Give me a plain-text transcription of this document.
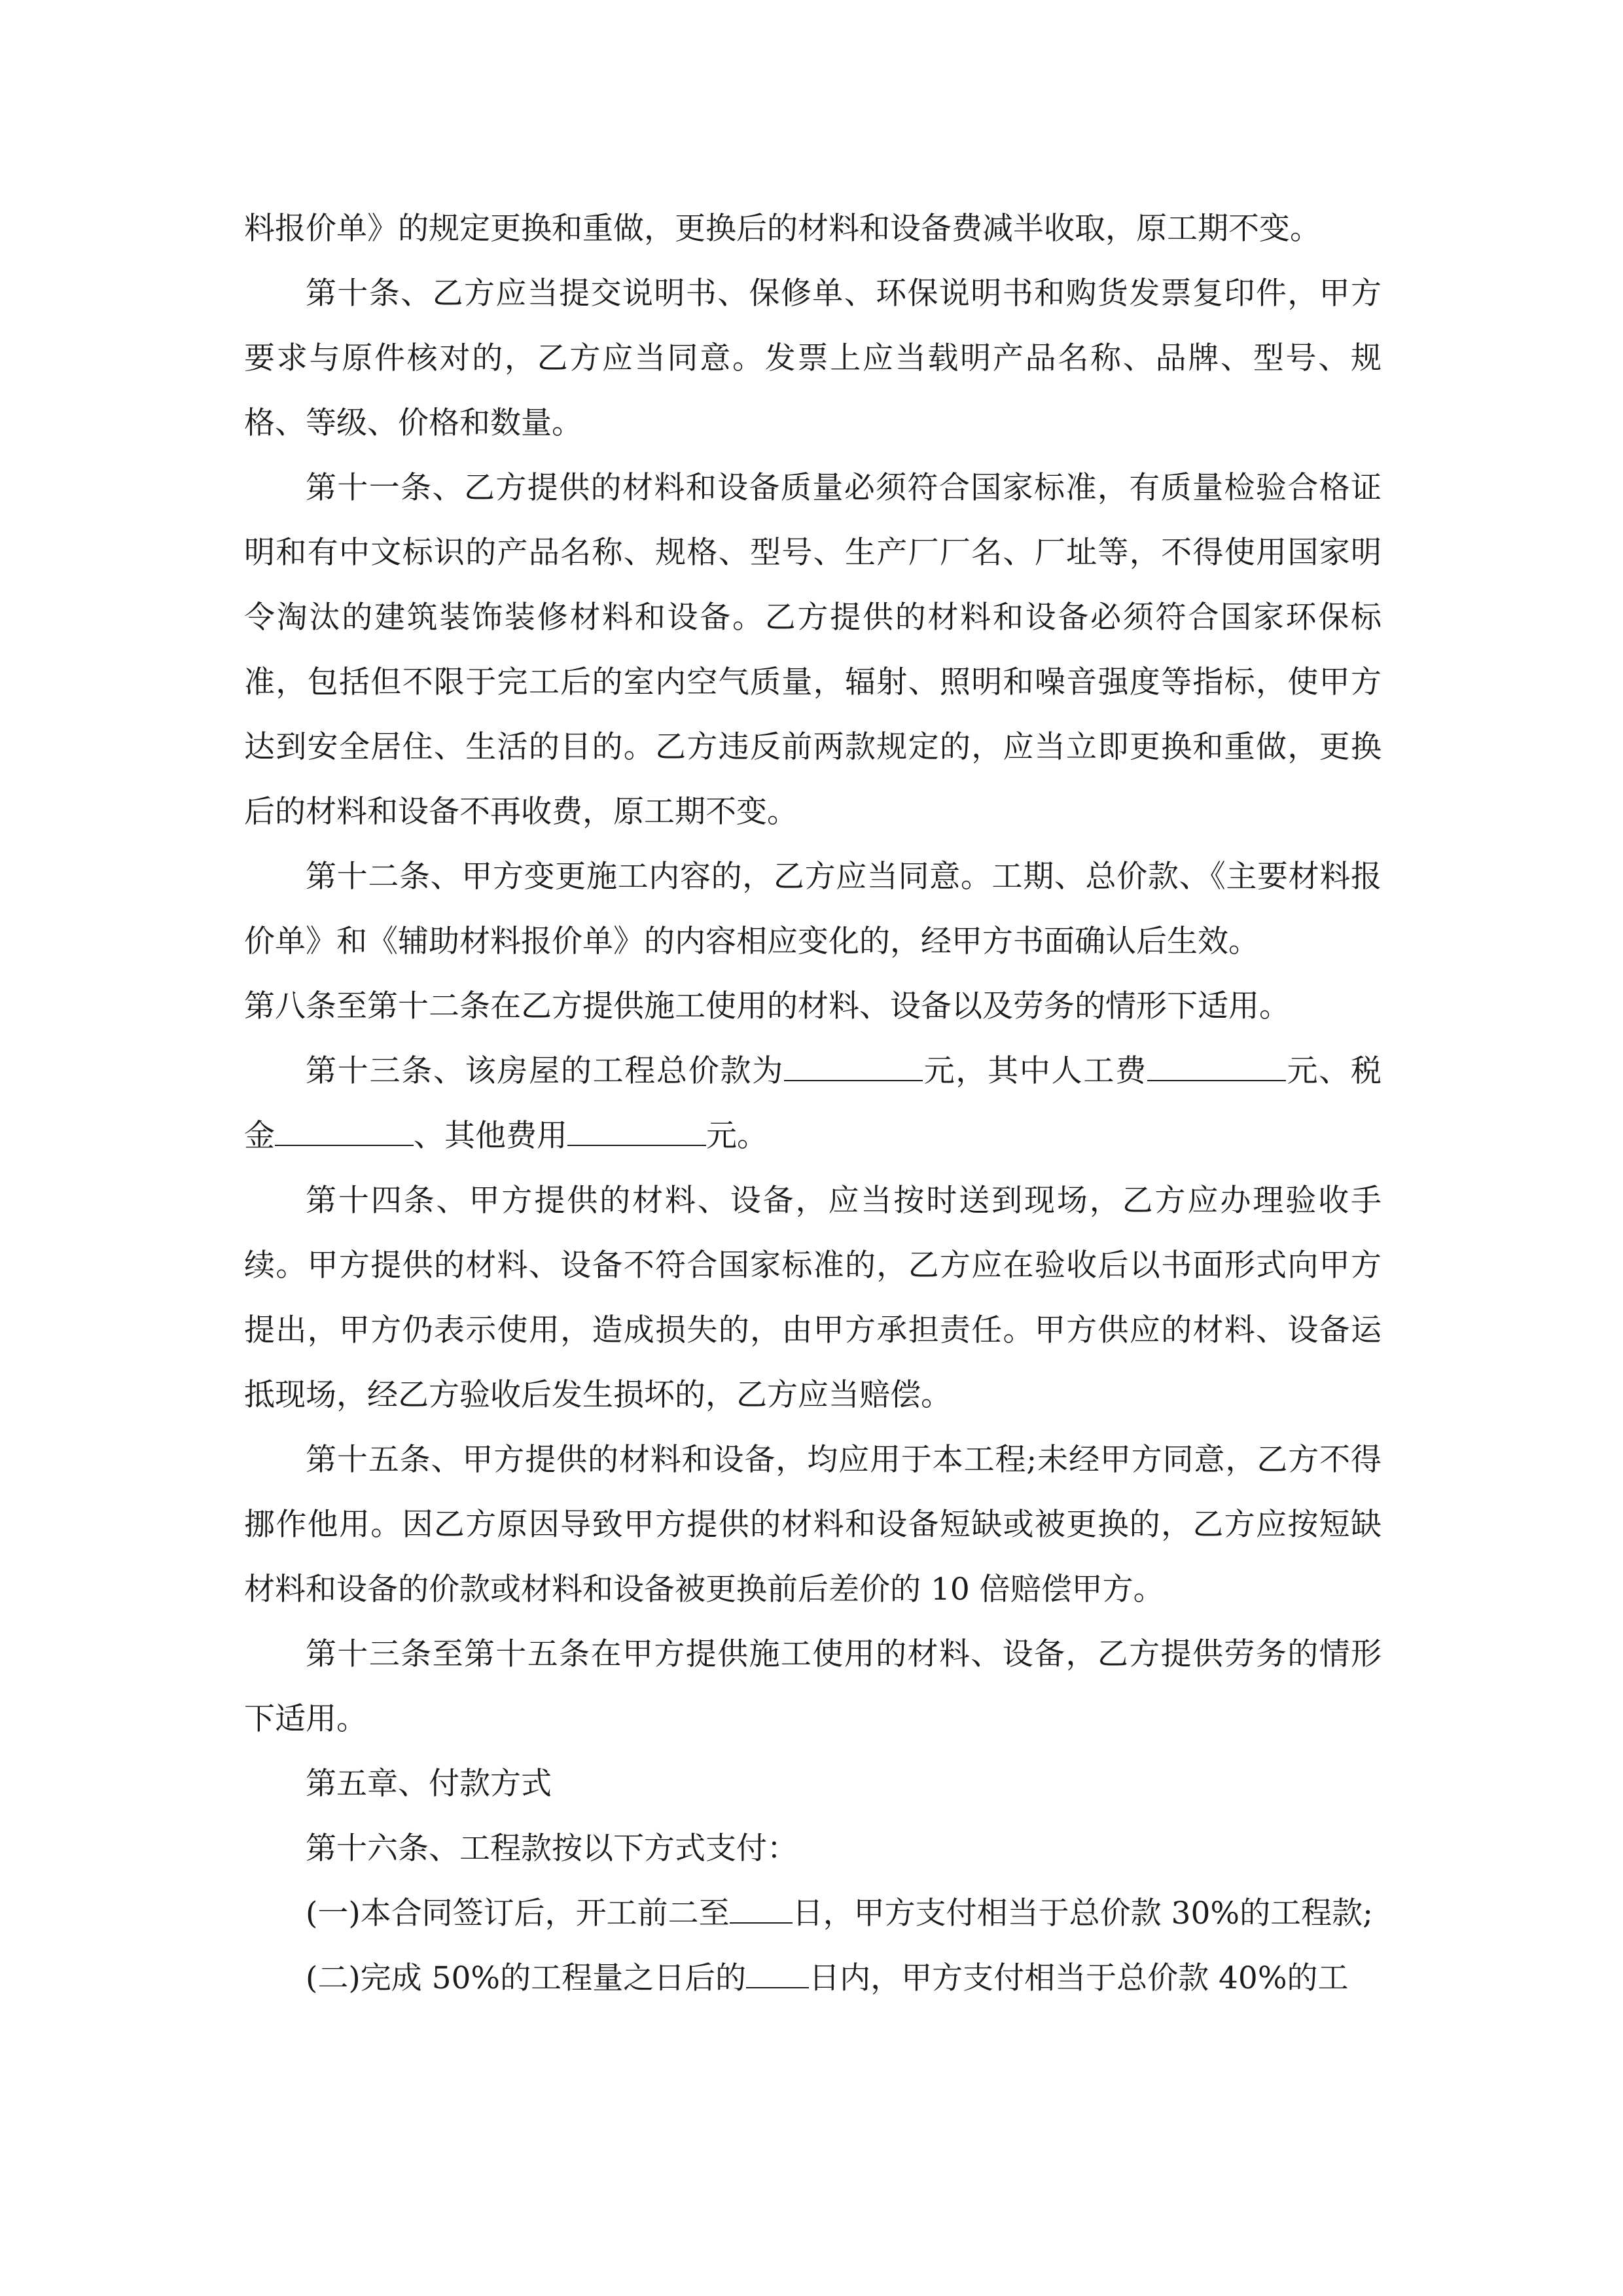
料报价单》的规定更换和重做，更换后的材料和设备费减半收取，原工期不变。

第十条、乙方应当提交说明书、保修单、环保说明书和购货发票复印件，甲方要求与原件核对的，乙方应当同意。发票上应当载明产品名称、品牌、型号、规格、等级、价格和数量。

第十一条、乙方提供的材料和设备质量必须符合国家标准，有质量检验合格证明和有中文标识的产品名称、规格、型号、生产厂厂名、厂址等，不得使用国家明令淘汰的建筑装饰装修材料和设备。乙方提供的材料和设备必须符合国家环保标准，包括但不限于完工后的室内空气质量，辐射、照明和噪音强度等指标，使甲方达到安全居住、生活的目的。乙方违反前两款规定的，应当立即更换和重做，更换后的材料和设备不再收费，原工期不变。

第十二条、甲方变更施工内容的，乙方应当同意。工期、总价款、《主要材料报价单》和《辅助材料报价单》的内容相应变化的，经甲方书面确认后生效。

第八条至第十二条在乙方提供施工使用的材料、设备以及劳务的情形下适用。

第十三条、该房屋的工程总价款为	元，其中人工费	元、税金	、其他费用	元。

第十四条、甲方提供的材料、设备，应当按时送到现场，乙方应办理验收手续。甲方提供的材料、设备不符合国家标准的，乙方应在验收后以书面形式向甲方提出，甲方仍表示使用，造成损失的，由甲方承担责任。甲方供应的材料、设备运抵现场，经乙方验收后发生损坏的，乙方应当赔偿。

第十五条、甲方提供的材料和设备，均应用于本工程;未经甲方同意，乙方不得挪作他用。因乙方原因导致甲方提供的材料和设备短缺或被更换的，乙方应按短缺材料和设备的价款或材料和设备被更换前后差价的 10 倍赔偿甲方。

第十三条至第十五条在甲方提供施工使用的材料、设备，乙方提供劳务的情形下适用。

第五章、付款方式

第十六条、工程款按以下方式支付：

(一)本合同签订后，开工前二至 日，甲方支付相当于总价款 30%的工程款;

(二)完成 50%的工程量之日后的 日内，甲方支付相当于总价款 40%的工
